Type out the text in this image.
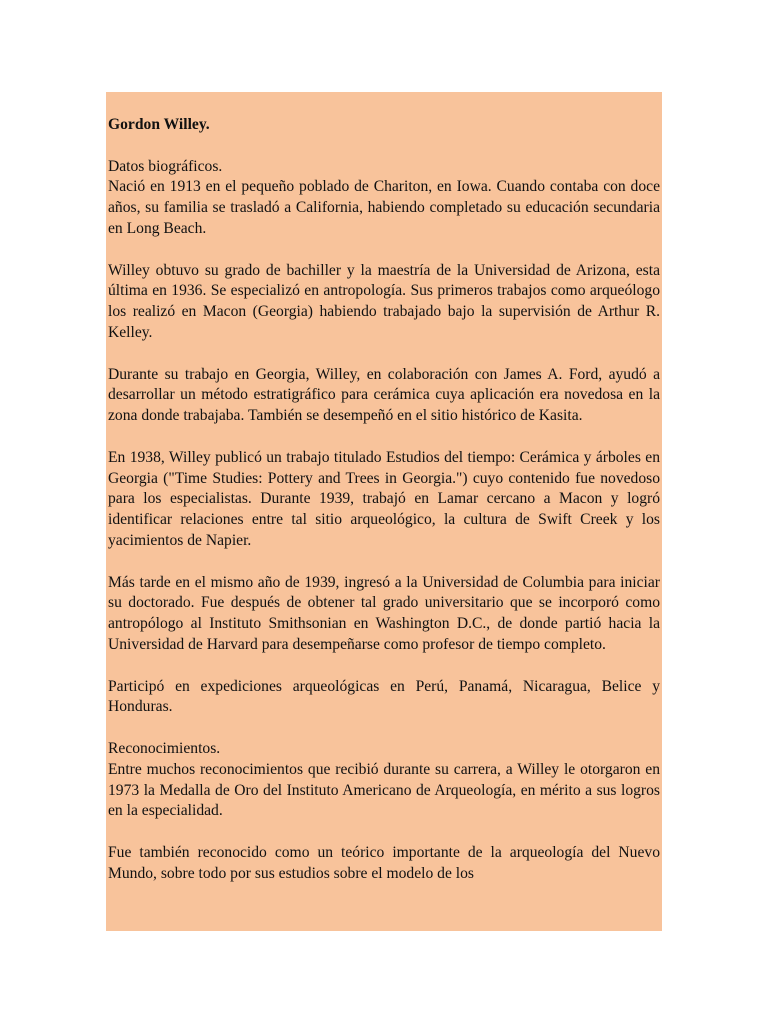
Gordon Willey.
Datos biográficos.
Nació en 1913 en el pequeño poblado de Chariton, en Iowa. Cuando contaba con doce años, su familia se trasladó a California, habiendo completado su educación secundaria en Long Beach.
Willey obtuvo su grado de bachiller y la maestría de la Universidad de Arizona, esta última en 1936. Se especializó en antropología. Sus primeros trabajos como arqueólogo los realizó en Macon (Georgia) habiendo trabajado bajo la supervisión de Arthur R. Kelley.
Durante su trabajo en Georgia, Willey, en colaboración con James A. Ford, ayudó a desarrollar un método estratigráfico para cerámica cuya aplicación era novedosa en la zona donde trabajaba. También se desempeñó en el sitio histórico de Kasita.
En 1938, Willey publicó un trabajo titulado Estudios del tiempo: Cerámica y árboles en Georgia ("Time Studies: Pottery and Trees in Georgia.") cuyo contenido fue novedoso para los especialistas. Durante 1939, trabajó en Lamar cercano a Macon y logró identificar relaciones entre tal sitio arqueológico, la cultura de Swift Creek y los yacimientos de Napier.
Más tarde en el mismo año de 1939, ingresó a la Universidad de Columbia para iniciar su doctorado. Fue después de obtener tal grado universitario que se incorporó como antropólogo al Instituto Smithsonian en Washington D.C., de donde partió hacia la Universidad de Harvard para desempeñarse como profesor de tiempo completo.
Participó en expediciones arqueológicas en Perú, Panamá, Nicaragua, Belice y Honduras.
Reconocimientos.
Entre muchos reconocimientos que recibió durante su carrera, a Willey le otorgaron en 1973 la Medalla de Oro del Instituto Americano de Arqueología, en mérito a sus logros en la especialidad.
Fue también reconocido como un teórico importante de la arqueología del Nuevo Mundo, sobre todo por sus estudios sobre el modelo de los
